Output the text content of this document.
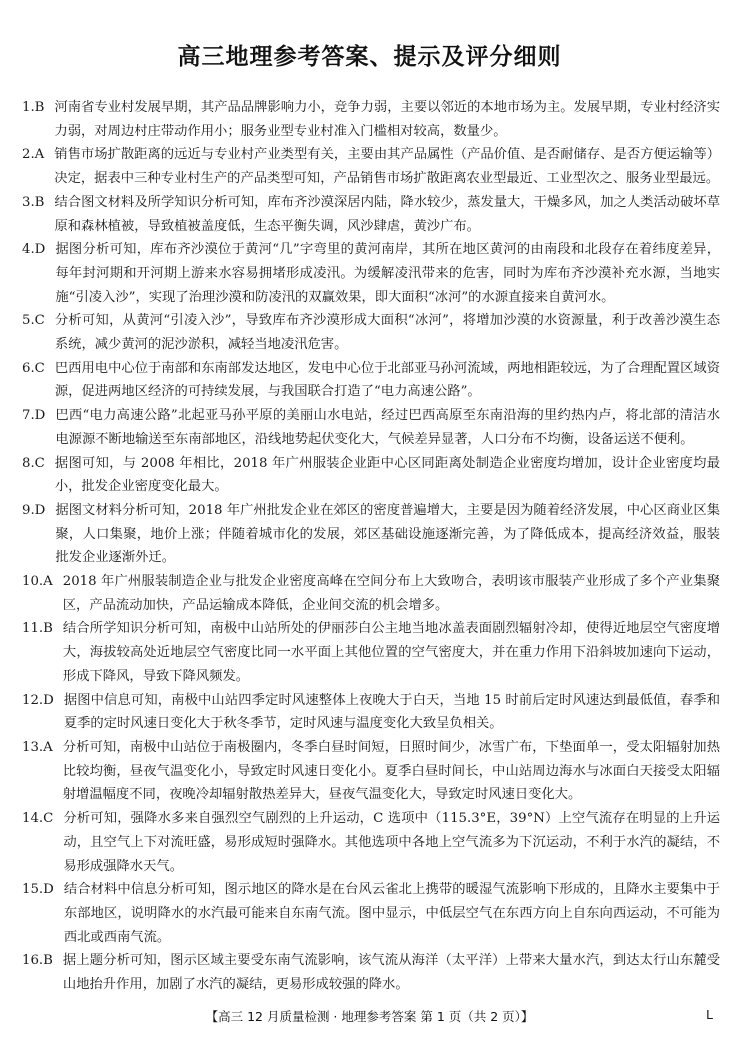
高三地理参考答案、提示及评分细则
1.B 河南省专业村发展早期，其产品品牌影响力小，竞争力弱，主要以邻近的本地市场为主。发展早期，专业村经济实力弱，对周边村庄带动作用小；服务业型专业村准入门槛相对较高，数量少。
2.A 销售市场扩散距离的远近与专业村产业类型有关，主要由其产品属性（产品价值、是否耐储存、是否方便运输等）决定，据表中三种专业村生产的产品类型可知，产品销售市场扩散距离农业型最近、工业型次之、服务业型最远。
3.B 结合图文材料及所学知识分析可知，库布齐沙漠深居内陆，降水较少，蒸发量大，干燥多风，加之人类活动破坏草原和森林植被，导致植被盖度低，生态平衡失调，风沙肆虐，黄沙广布。
4.D 据图分析可知，库布齐沙漠位于黄河“几”字弯里的黄河南岸，其所在地区黄河的由南段和北段存在着纬度差异，每年封河期和开河期上游来水容易拥堵形成凌汛。为缓解凌汛带来的危害，同时为库布齐沙漠补充水源，当地实施“引凌入沙”，实现了治理沙漠和防凌汛的双赢效果，即大面积“冰河”的水源直接来自黄河水。
5.C 分析可知，从黄河“引凌入沙”，导致库布齐沙漠形成大面积“冰河”，将增加沙漠的水资源量，利于改善沙漠生态系统，减少黄河的泥沙淤积，减轻当地凌汛危害。
6.C 巴西用电中心位于南部和东南部发达地区，发电中心位于北部亚马孙河流域，两地相距较远，为了合理配置区域资源，促进两地区经济的可持续发展，与我国联合打造了“电力高速公路”。
7.D 巴西“电力高速公路”北起亚马孙平原的美丽山水电站，经过巴西高原至东南沿海的里约热内卢，将北部的清洁水电源源不断地输送至东南部地区，沿线地势起伏变化大，气候差异显著，人口分布不均衡，设备运送不便利。
8.C 据图可知，与 2008 年相比，2018 年广州服装企业距中心区同距离处制造企业密度均增加，设计企业密度均最小，批发企业密度变化最大。
9.D 据图文材料分析可知，2018 年广州批发企业在郊区的密度普遍增大，主要是因为随着经济发展，中心区商业区集聚，人口集聚，地价上涨；伴随着城市化的发展，郊区基础设施逐渐完善，为了降低成本，提高经济效益，服装批发企业逐渐外迁。
10.A 2018 年广州服装制造企业与批发企业密度高峰在空间分布上大致吻合，表明该市服装产业形成了多个产业集聚区，产品流动加快，产品运输成本降低，企业间交流的机会增多。
11.B 结合所学知识分析可知，南极中山站所处的伊丽莎白公主地当地冰盖表面剧烈辐射冷却，使得近地层空气密度增大，海拔较高处近地层空气密度比同一水平面上其他位置的空气密度大，并在重力作用下沿斜坡加速向下运动，形成下降风，导致下降风频发。
12.D 据图中信息可知，南极中山站四季定时风速整体上夜晚大于白天，当地 15 时前后定时风速达到最低值，春季和夏季的定时风速日变化大于秋冬季节，定时风速与温度变化大致呈负相关。
13.A 分析可知，南极中山站位于南极圈内，冬季白昼时间短，日照时间少，冰雪广布，下垫面单一，受太阳辐射加热比较均衡，昼夜气温变化小，导致定时风速日变化小。夏季白昼时间长，中山站周边海水与冰面白天接受太阳辐射增温幅度不同，夜晚冷却辐射散热差异大，昼夜气温变化大，导致定时风速日变化大。
14.C 分析可知，强降水多来自强烈空气剧烈的上升运动，C 选项中（115.3°E，39°N）上空气流存在明显的上升运动，且空气上下对流旺盛，易形成短时强降水。其他选项中各地上空气流多为下沉运动，不利于水汽的凝结，不易形成强降水天气。
15.D 结合材料中信息分析可知，图示地区的降水是在台风云雀北上携带的暖湿气流影响下形成的，且降水主要集中于东部地区，说明降水的水汽最可能来自东南气流。图中显示，中低层空气在东西方向上自东向西运动，不可能为西北或西南气流。
16.B 据上题分析可知，图示区域主要受东南气流影响，该气流从海洋（太平洋）上带来大量水汽，到达太行山东麓受山地抬升作用，加剧了水汽的凝结，更易形成较强的降水。
【高三 12 月质量检测 · 地理参考答案 第 1 页（共 2 页）】	L
